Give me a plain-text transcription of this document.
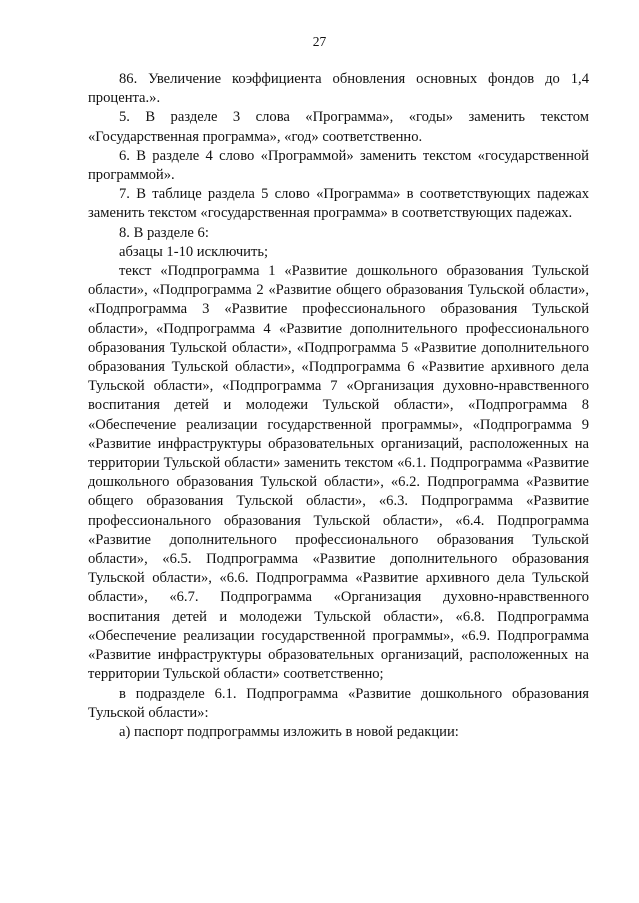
27

86. Увеличение коэффициента обновления основных фондов до 1,4 процента.».

5. В разделе 3 слова «Программа», «годы» заменить текстом «Государственная программа», «год» соответственно.

6. В разделе 4 слово «Программой» заменить текстом «государственной программой».

7. В таблице раздела 5 слово «Программа» в соответствующих падежах заменить текстом «государственная программа» в соответствующих падежах.

8. В разделе 6:

абзацы 1-10 исключить;

текст «Подпрограмма 1 «Развитие дошкольного образования Тульской области», «Подпрограмма 2 «Развитие общего образования Тульской области», «Подпрограмма 3 «Развитие профессионального образования Тульской области», «Подпрограмма 4 «Развитие дополнительного профессионального образования Тульской области», «Подпрограмма 5 «Развитие дополнительного образования Тульской области», «Подпрограмма 6 «Развитие архивного дела Тульской области», «Подпрограмма 7 «Организация духовно-нравственного воспитания детей и молодежи Тульской области», «Подпрограмма 8 «Обеспечение реализации государственной программы», «Подпрограмма 9 «Развитие инфраструктуры образовательных организаций, расположенных на территории Тульской области» заменить текстом «6.1. Подпрограмма «Развитие дошкольного образования Тульской области», «6.2. Подпрограмма «Развитие общего образования Тульской области», «6.3. Подпрограмма «Развитие профессионального образования Тульской области», «6.4. Подпрограмма «Развитие дополнительного профессионального образования Тульской области», «6.5. Подпрограмма «Развитие дополнительного образования Тульской области», «6.6. Подпрограмма «Развитие архивного дела Тульской области», «6.7. Подпрограмма «Организация духовно-нравственного воспитания детей и молодежи Тульской области», «6.8. Подпрограмма «Обеспечение реализации государственной программы», «6.9. Подпрограмма «Развитие инфраструктуры образовательных организаций, расположенных на территории Тульской области» соответственно;

в подразделе 6.1. Подпрограмма «Развитие дошкольного образования Тульской области»:

а) паспорт подпрограммы изложить в новой редакции:
